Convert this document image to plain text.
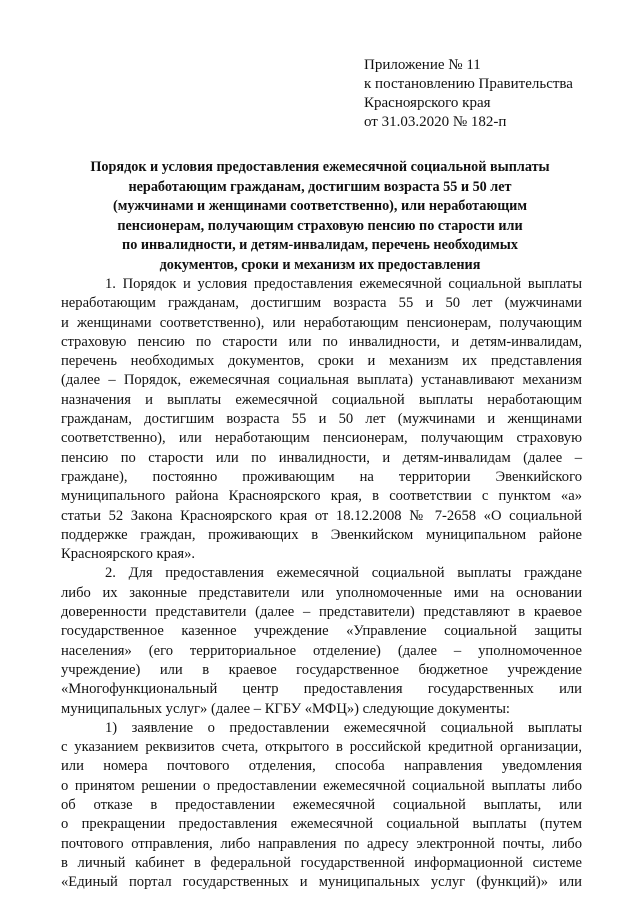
Приложение № 11
к постановлению Правительства
Красноярского края
от 31.03.2020 № 182-п
Порядок и условия предоставления ежемесячной социальной выплаты
неработающим гражданам, достигшим возраста 55 и 50 лет
(мужчинами и женщинами соответственно), или неработающим
пенсионерам, получающим страховую пенсию по старости или
по инвалидности, и детям-инвалидам, перечень необходимых
документов, сроки и механизм их предоставления
1. Порядок и условия предоставления ежемесячной социальной выплаты
неработающим гражданам, достигшим возраста 55 и 50 лет (мужчинами
и женщинами соответственно), или неработающим пенсионерам, получающим
страховую пенсию по старости или по инвалидности, и детям-инвалидам,
перечень необходимых документов, сроки и механизм их представления
(далее – Порядок, ежемесячная социальная выплата) устанавливают механизм
назначения и выплаты ежемесячной социальной выплаты неработающим
гражданам, достигшим возраста 55 и 50 лет (мужчинами и женщинами
соответственно), или неработающим пенсионерам, получающим страховую
пенсию по старости или по инвалидности, и детям-инвалидам (далее –
граждане), постоянно проживающим на территории Эвенкийского
муниципального района Красноярского края, в соответствии с пунктом «а»
статьи 52 Закона Красноярского края от 18.12.2008 № 7-2658 «О социальной
поддержке граждан, проживающих в Эвенкийском муниципальном районе
Красноярского края».
2. Для предоставления ежемесячной социальной выплаты граждане
либо их законные представители или уполномоченные ими на основании
доверенности представители (далее – представители) представляют в краевое
государственное казенное учреждение «Управление социальной защиты
населения» (его территориальное отделение) (далее – уполномоченное
учреждение) или в краевое государственное бюджетное учреждение
«Многофункциональный центр предоставления государственных или
муниципальных услуг» (далее – КГБУ «МФЦ») следующие документы:
1) заявление о предоставлении ежемесячной социальной выплаты
с указанием реквизитов счета, открытого в российской кредитной организации,
или номера почтового отделения, способа направления уведомления
о принятом решении о предоставлении ежемесячной социальной выплаты либо
об отказе в предоставлении ежемесячной социальной выплаты, или
о прекращении предоставления ежемесячной социальной выплаты (путем
почтового отправления, либо направления по адресу электронной почты, либо
в личный кабинет в федеральной государственной информационной системе
«Единый портал государственных и муниципальных услуг (функций)» или
